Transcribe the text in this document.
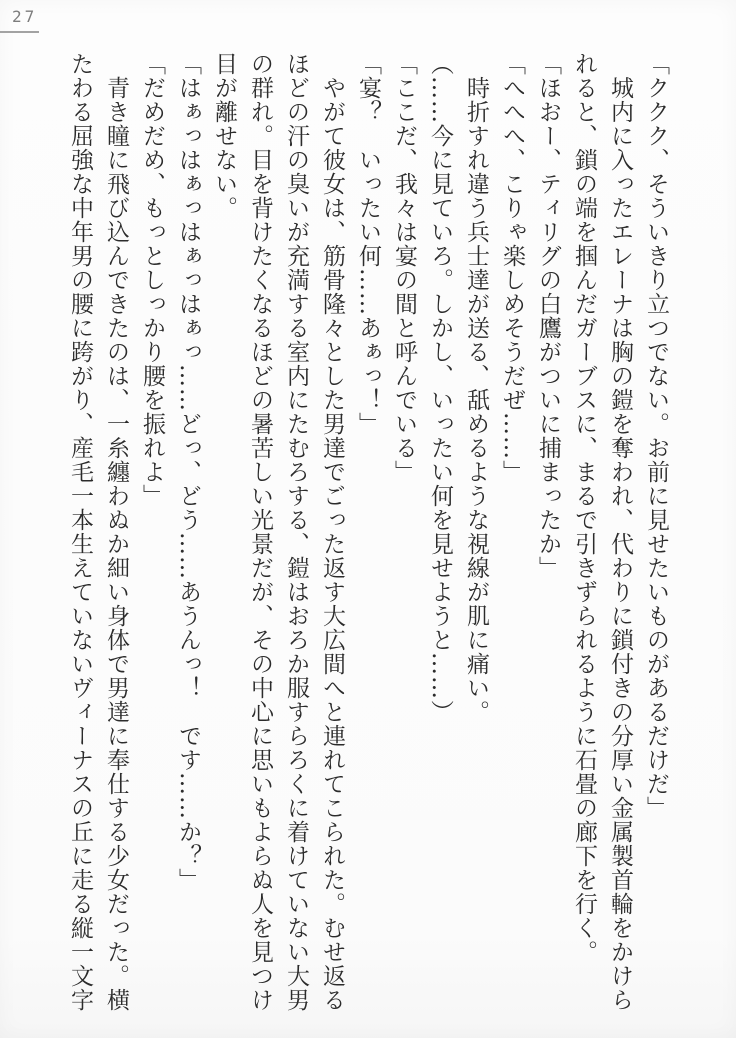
27
「ククク、そういきり立つでない。お前に見せたいものがあるだけだ」
城内に入ったエレーナは胸の鎧を奪われ、代わりに鎖付きの分厚い金属製首輪をかけら
れると、鎖の端を掴んだガーブスに、まるで引きずられるように石畳の廊下を行く。
「ほおー、ティリグの白鷹がついに捕まったか」
「へへへ、こりゃ楽しめそうだぜ……」
時折すれ違う兵士達が送る、舐めるような視線が肌に痛い。
（……今に見ていろ。しかし、いったい何を見せようと……）
「ここだ、我々は宴の間と呼んでいる」
「宴？　いったい何……あぁっ！」
やがて彼女は、筋骨隆々とした男達でごった返す大広間へと連れてこられた。むせ返る
ほどの汗の臭いが充満する室内にたむろする、鎧はおろか服すらろくに着けていない大男
の群れ。目を背けたくなるほどの暑苦しい光景だが、その中心に思いもよらぬ人を見つけ
目が離せない。
「はぁっはぁっはぁっはぁっ……どっ、どう……あうんっ！　です……か？」
「だめだめ、もっとしっかり腰を振れよ」
青き瞳に飛び込んできたのは、一糸纏わぬか細い身体で男達に奉仕する少女だった。横
たわる屈強な中年男の腰に跨がり、産毛一本生えていないヴィーナスの丘に走る縦一文字
